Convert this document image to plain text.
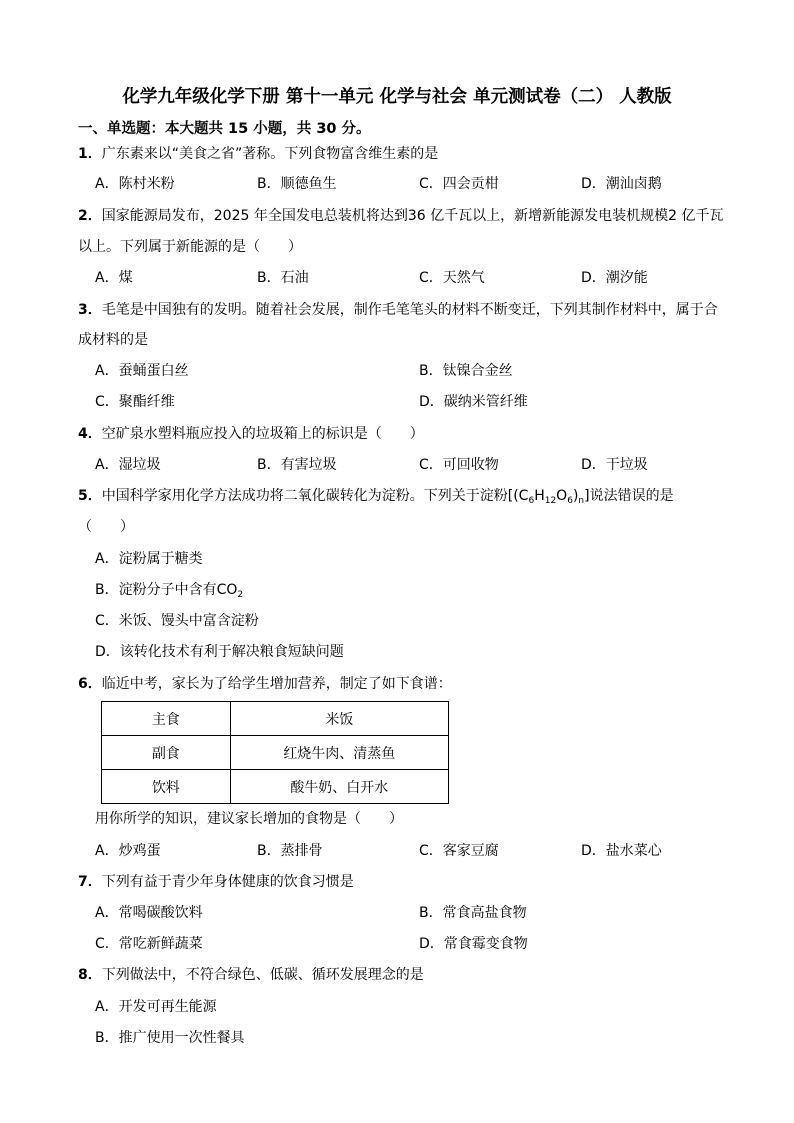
化学九年级化学下册 第十一单元 化学与社会 单元测试卷（二） 人教版
一、单选题：本大题共 15 小题，共 30 分。
1．广东素来以“美食之省”著称。下列食物富含维生素的是
A．陈村米粉	B．顺德鱼生	C．四会贡柑	D．潮汕卤鹅
2．国家能源局发布，2025 年全国发电总装机将达到36 亿千瓦以上，新增新能源发电装机规模2 亿千瓦
以上。下列属于新能源的是（　　）
A．煤	B．石油	C．天然气	D．潮汐能
3．毛笔是中国独有的发明。随着社会发展，制作毛笔笔头的材料不断变迁，下列其制作材料中，属于合
成材料的是
A．蚕蛹蛋白丝	B．钛镍合金丝
C．聚酯纤维	D．碳纳米管纤维
4．空矿泉水塑料瓶应投入的垃圾箱上的标识是（　　）
A．湿垃圾	B．有害垃圾	C．可回收物	D．干垃圾
5．中国科学家用化学方法成功将二氧化碳转化为淀粉。下列关于淀粉$[(C_6H_{12}O_6)_n]$说法错误的是
（　　）
A．淀粉属于糖类
B．淀粉分子中含有$CO_2$
C．米饭、馒头中富含淀粉
D．该转化技术有利于解决粮食短缺问题
6．临近中考，家长为了给学生增加营养，制定了如下食谱：
主食	米饭
副食	红烧牛肉、清蒸鱼
饮料	酸牛奶、白开水
用你所学的知识，建议家长增加的食物是（　　）
A．炒鸡蛋	B．蒸排骨	C．客家豆腐	D．盐水菜心
7．下列有益于青少年身体健康的饮食习惯是
A．常喝碳酸饮料	B．常食高盐食物
C．常吃新鲜蔬菜	D．常食霉变食物
8．下列做法中，不符合绿色、低碳、循环发展理念的是
A．开发可再生能源
B．推广使用一次性餐具
